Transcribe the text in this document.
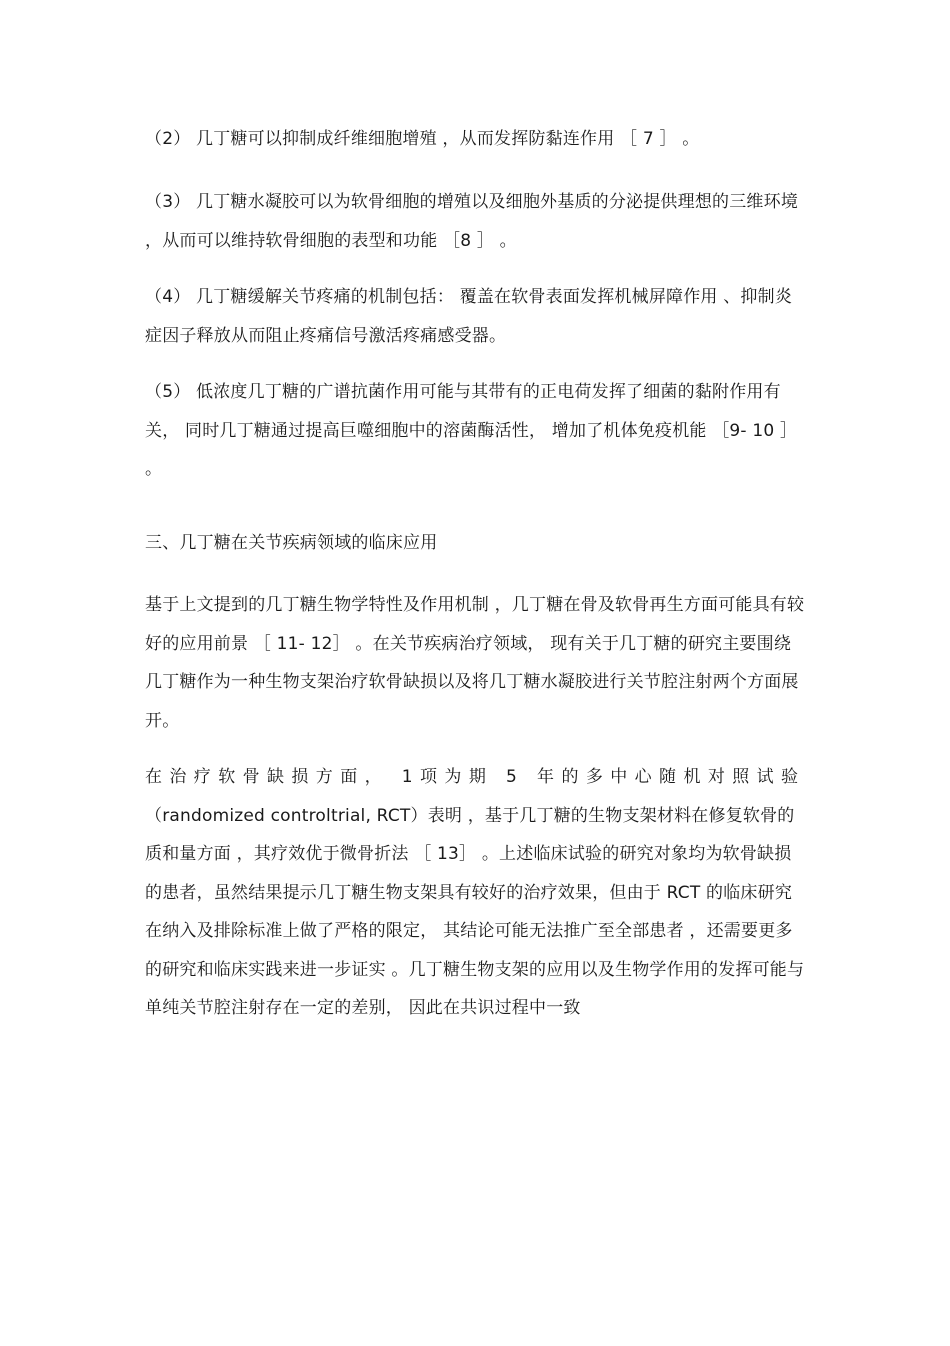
（2） 几丁糖可以抑制成纤维细胞增殖 ，从而发挥防黏连作用 ［ 7 ］ 。

（3） 几丁糖水凝胶可以为软骨细胞的增殖以及细胞外基质的分泌提供理想的三维环境 ，从而可以维持软骨细胞的表型和功能 ［8 ］ 。

（4） 几丁糖缓解关节疼痛的机制包括： 覆盖在软骨表面发挥机械屏障作用 、抑制炎症因子释放从而阻止疼痛信号激活疼痛感受器。

（5） 低浓度几丁糖的广谱抗菌作用可能与其带有的正电荷发挥了细菌的黏附作用有关， 同时几丁糖通过提高巨噬细胞中的溶菌酶活性， 增加了机体免疫机能 ［9- 10 ］ 。

三、几丁糖在关节疾病领域的临床应用

基于上文提到的几丁糖生物学特性及作用机制 ，几丁糖在骨及软骨再生方面可能具有较好的应用前景 ［ 11- 12］ 。在关节疾病治疗领域， 现有关于几丁糖的研究主要围绕几丁糖作为一种生物支架治疗软骨缺损以及将几丁糖水凝胶进行关节腔注射两个方面展开。

在治疗软骨缺损方面， 1项为期 5 年的多中心随机对照试验（randomized controltrial, RCT）表明 ，基于几丁糖的生物支架材料在修复软骨的质和量方面 ，其疗效优于微骨折法 ［ 13］ 。上述临床试验的研究对象均为软骨缺损的患者，虽然结果提示几丁糖生物支架具有较好的治疗效果，但由于 RCT 的临床研究在纳入及排除标准上做了严格的限定， 其结论可能无法推广至全部患者 ，还需要更多的研究和临床实践来进一步证实 。几丁糖生物支架的应用以及生物学作用的发挥可能与单纯关节腔注射存在一定的差别， 因此在共识过程中一致
